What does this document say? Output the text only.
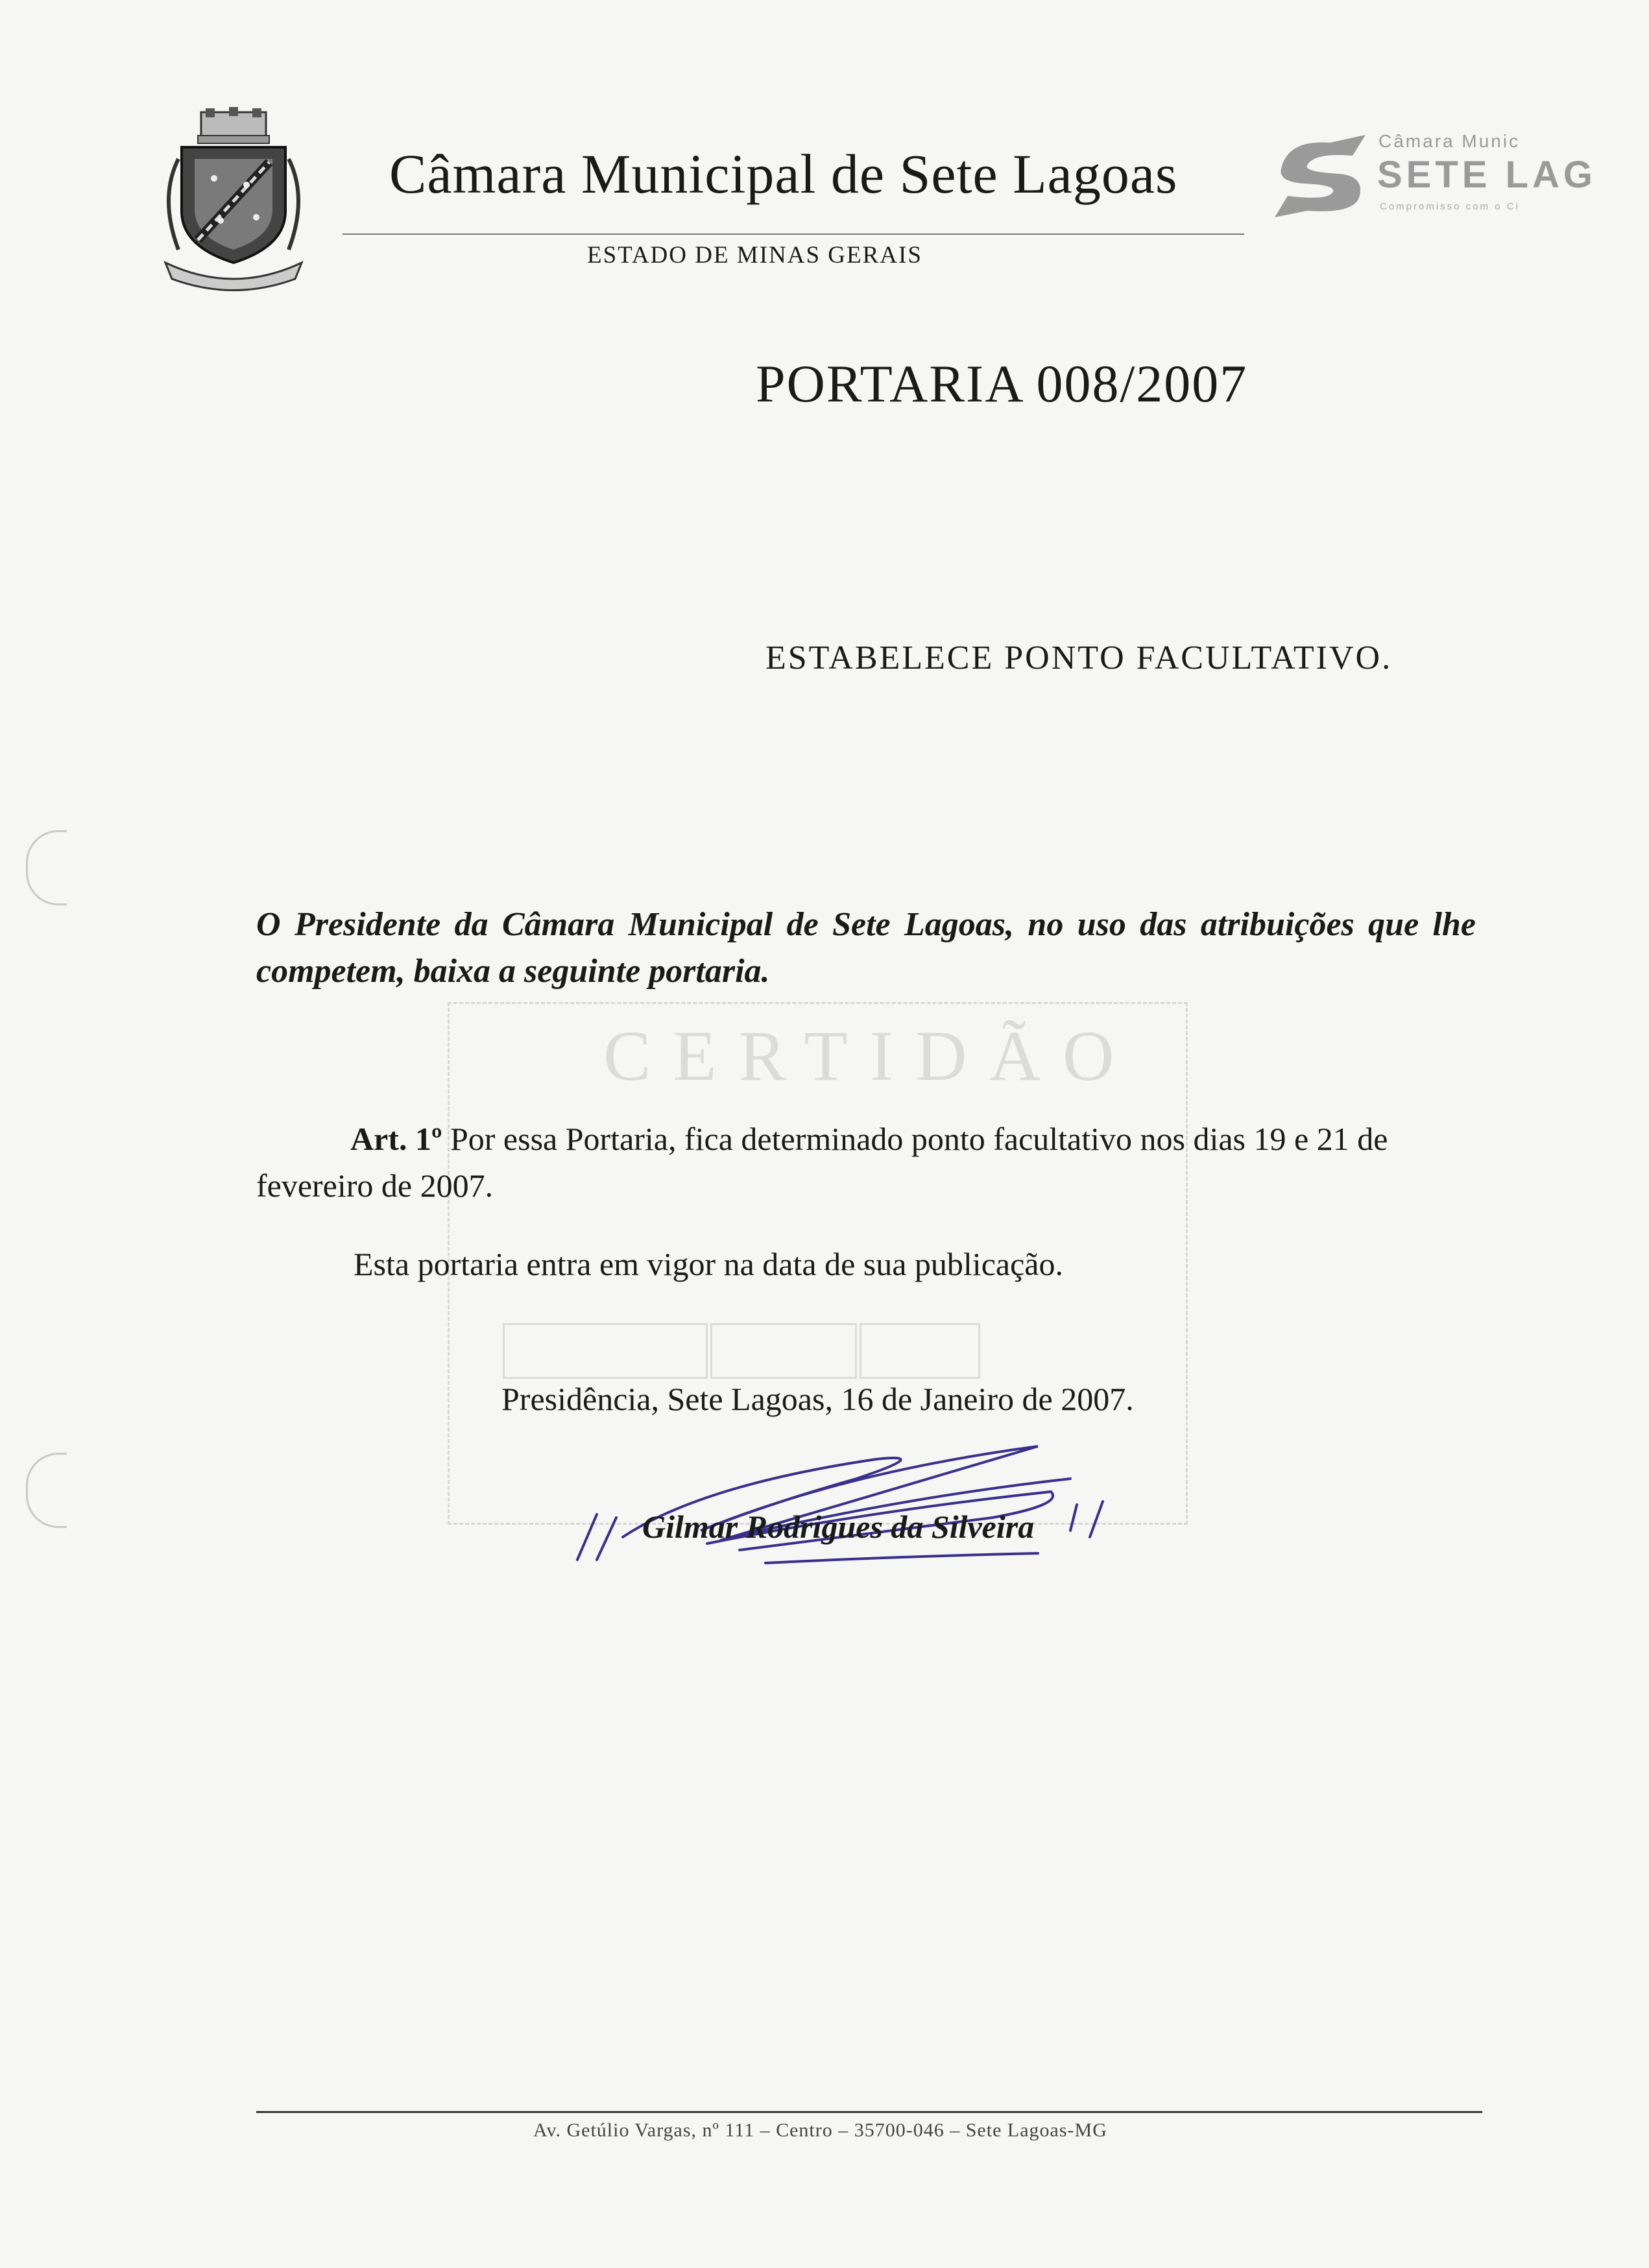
Câmara Municipal de Sete Lagoas
ESTADO DE MINAS GERAIS
Câmara Munic
SETE LAG
Compromisso com o Ci
PORTARIA 008/2007
ESTABELECE PONTO FACULTATIVO.
CERTIDÃO
O Presidente da Câmara Municipal de Sete Lagoas, no uso das atribuições que lhe competem, baixa a seguinte portaria.
Art. 1º Por essa Portaria, fica determinado ponto facultativo nos dias 19 e 21 de fevereiro de 2007.
Esta portaria entra em vigor na data de sua publicação.
Presidência, Sete Lagoas, 16 de Janeiro de 2007.
Gilmar Rodrigues da Silveira
Av. Getúlio Vargas, nº 111 – Centro – 35700-046 – Sete Lagoas-MG
